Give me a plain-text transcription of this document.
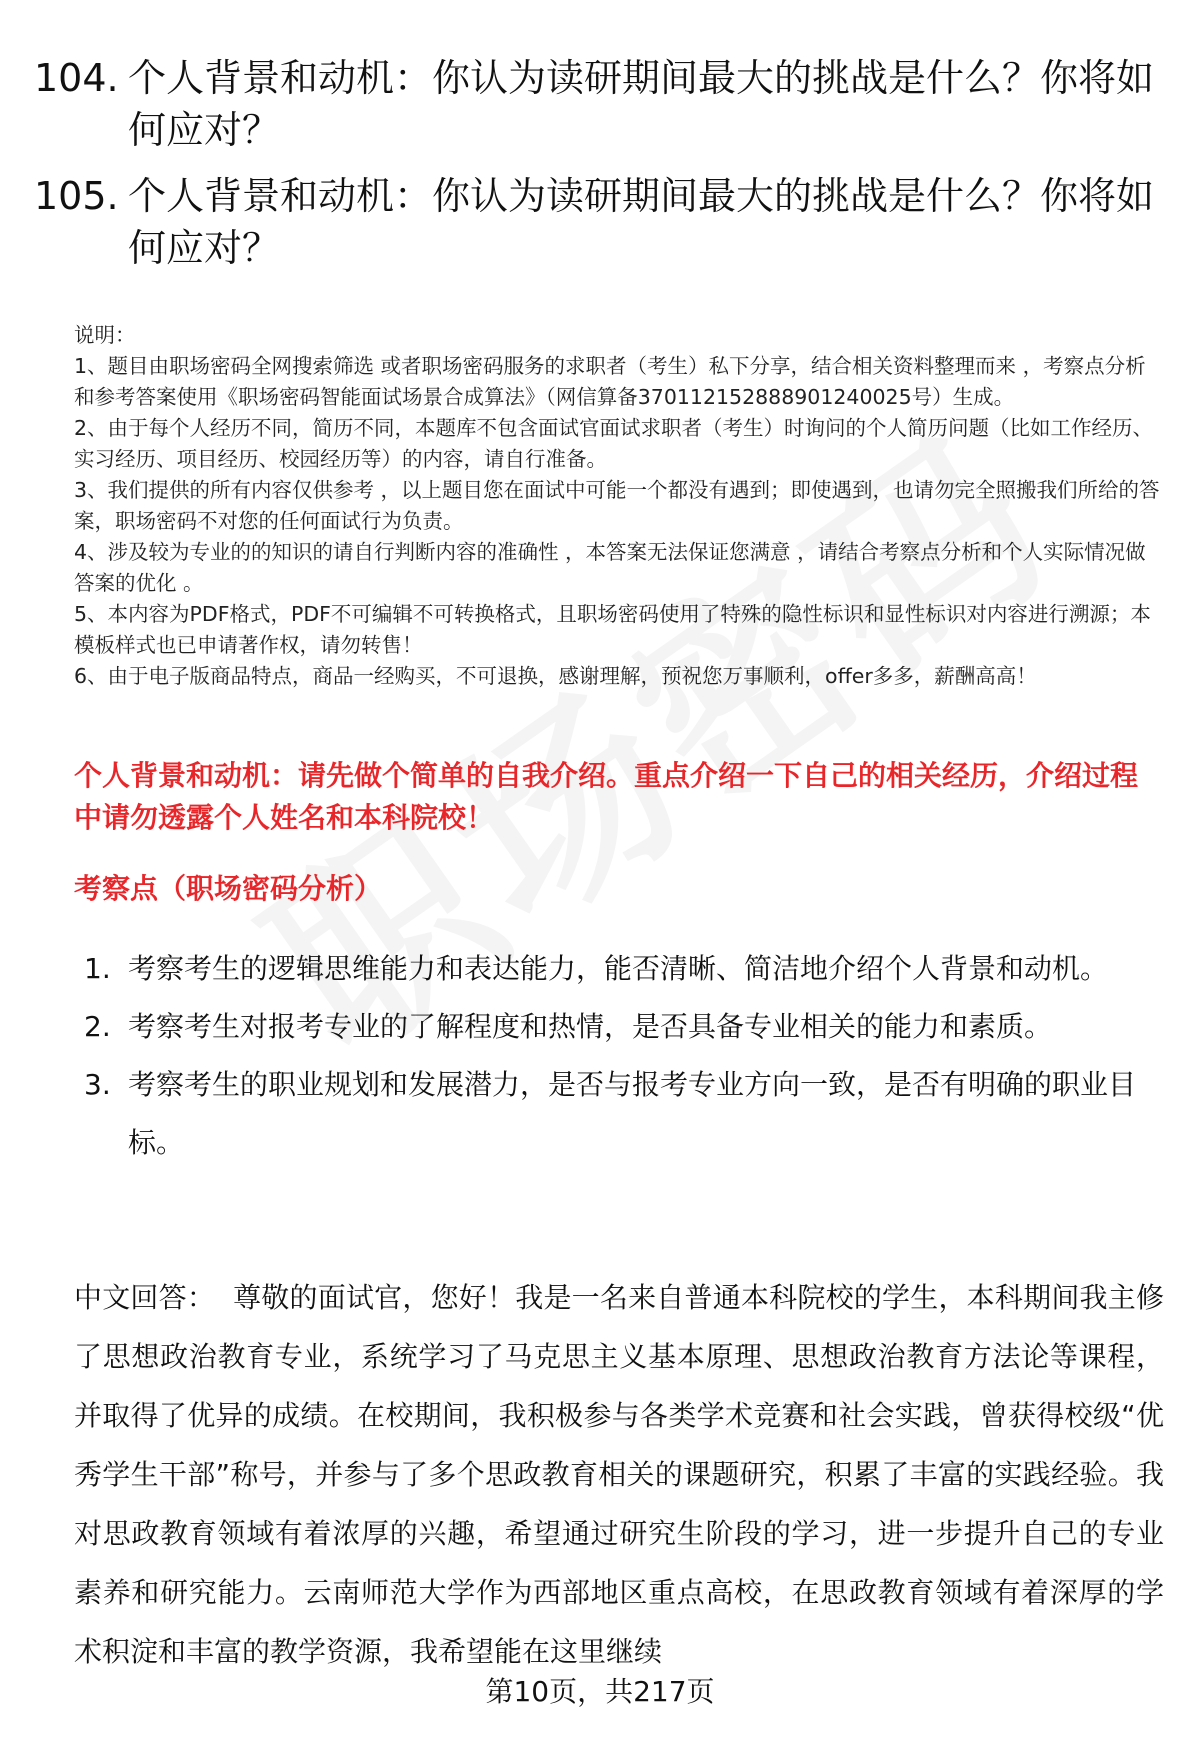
104. 个人背景和动机：你认为读研期间最大的挑战是什么？你将如何应对？
105. 个人背景和动机：你认为读研期间最大的挑战是什么？你将如何应对？

说明：

1、题目由职场密码全网搜索筛选 或者职场密码服务的求职者（考生）私下分享，结合相关资料整理而来 ，考察点分析和参考答案使用《职场密码智能面试场景合成算法》（网信算备370112152888901240025号）生成。

2、由于每个人经历不同，简历不同，本题库不包含面试官面试求职者（考生）时询问的个人简历问题（比如工作经历、实习经历、项目经历、校园经历等）的内容，请自行准备。

3、我们提供的所有内容仅供参考 ，以上题目您在面试中可能一个都没有遇到；即使遇到，也请勿完全照搬我们所给的答案，职场密码不对您的任何面试行为负责。

4、涉及较为专业的的知识的请自行判断内容的准确性 ，本答案无法保证您满意 ，请结合考察点分析和个人实际情况做答案的优化 。

5、本内容为PDF格式，PDF不可编辑不可转换格式，且职场密码使用了特殊的隐性标识和显性标识对内容进行溯源；本模板样式也已申请著作权，请勿转售！

6、由于电子版商品特点，商品一经购买，不可退换，感谢理解，预祝您万事顺利，offer多多，薪酬高高！

个人背景和动机：请先做个简单的自我介绍。重点介绍一下自己的相关经历，介绍过程中请勿透露个人姓名和本科院校！
考察点（职场密码分析）
1. 考察考生的逻辑思维能力和表达能力，能否清晰、简洁地介绍个人背景和动机。
2. 考察考生对报考专业的了解程度和热情，是否具备专业相关的能力和素质。
3. 考察考生的职业规划和发展潜力，是否与报考专业方向一致，是否有明确的职业目标。
中文回答： 尊敬的面试官，您好！我是一名来自普通本科院校的学生，本科期间我主修了思想政治教育专业，系统学习了马克思主义基本原理、思想政治教育方法论等课程，并取得了优异的成绩。在校期间，我积极参与各类学术竞赛和社会实践，曾获得校级“优秀学生干部”称号，并参与了多个思政教育相关的课题研究，积累了丰富的实践经验。我对思政教育领域有着浓厚的兴趣，希望通过研究生阶段的学习，进一步提升自己的专业素养和研究能力。云南师范大学作为西部地区重点高校，在思政教育领域有着深厚的学术积淀和丰富的教学资源，我希望能在这里继续
第10页，共217页
